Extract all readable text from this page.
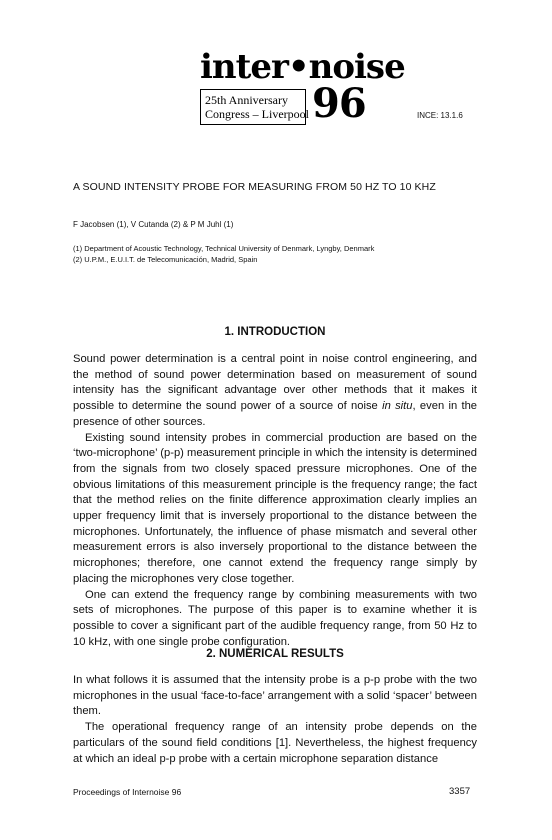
inter•noise
25th Anniversary
Congress – Liverpool 96	INCE: 13.1.6
A SOUND INTENSITY PROBE FOR MEASURING FROM 50 HZ TO 10 KHZ
F Jacobsen (1), V Cutanda (2) & P M Juhl (1)
(1) Department of Acoustic Technology, Technical University of Denmark, Lyngby, Denmark
(2) U.P.M., E.U.I.T. de Telecomunicación, Madrid, Spain
1. INTRODUCTION

Sound power determination is a central point in noise control engineering, and the method of sound power determination based on measurement of sound intensity has the significant advantage over other methods that it makes it possible to determine the sound power of a source of noise in situ, even in the presence of other sources.

Existing sound intensity probes in commercial production are based on the ‘two-microphone’ (p-p) measurement principle in which the intensity is determined from the signals from two closely spaced pressure microphones. One of the obvious limitations of this measurement principle is the frequency range; the fact that the method relies on the finite difference approximation clearly implies an upper frequency limit that is inversely proportional to the distance between the microphones. Unfortunately, the influence of phase mismatch and several other measurement errors is also inversely proportional to the distance between the microphones; therefore, one cannot extend the frequency range simply by placing the microphones very close together.

One can extend the frequency range by combining measurements with two sets of microphones. The purpose of this paper is to examine whether it is possible to cover a significant part of the audible frequency range, from 50 Hz to 10 kHz, with one single probe configuration.

2. NUMERICAL RESULTS

In what follows it is assumed that the intensity probe is a p-p probe with the two microphones in the usual ‘face-to-face’ arrangement with a solid ‘spacer’ between them.

The operational frequency range of an intensity probe depends on the particulars of the sound field conditions [1]. Nevertheless, the highest frequency at which an ideal p-p probe with a certain microphone separation distance

Proceedings of Internoise 96	3357
